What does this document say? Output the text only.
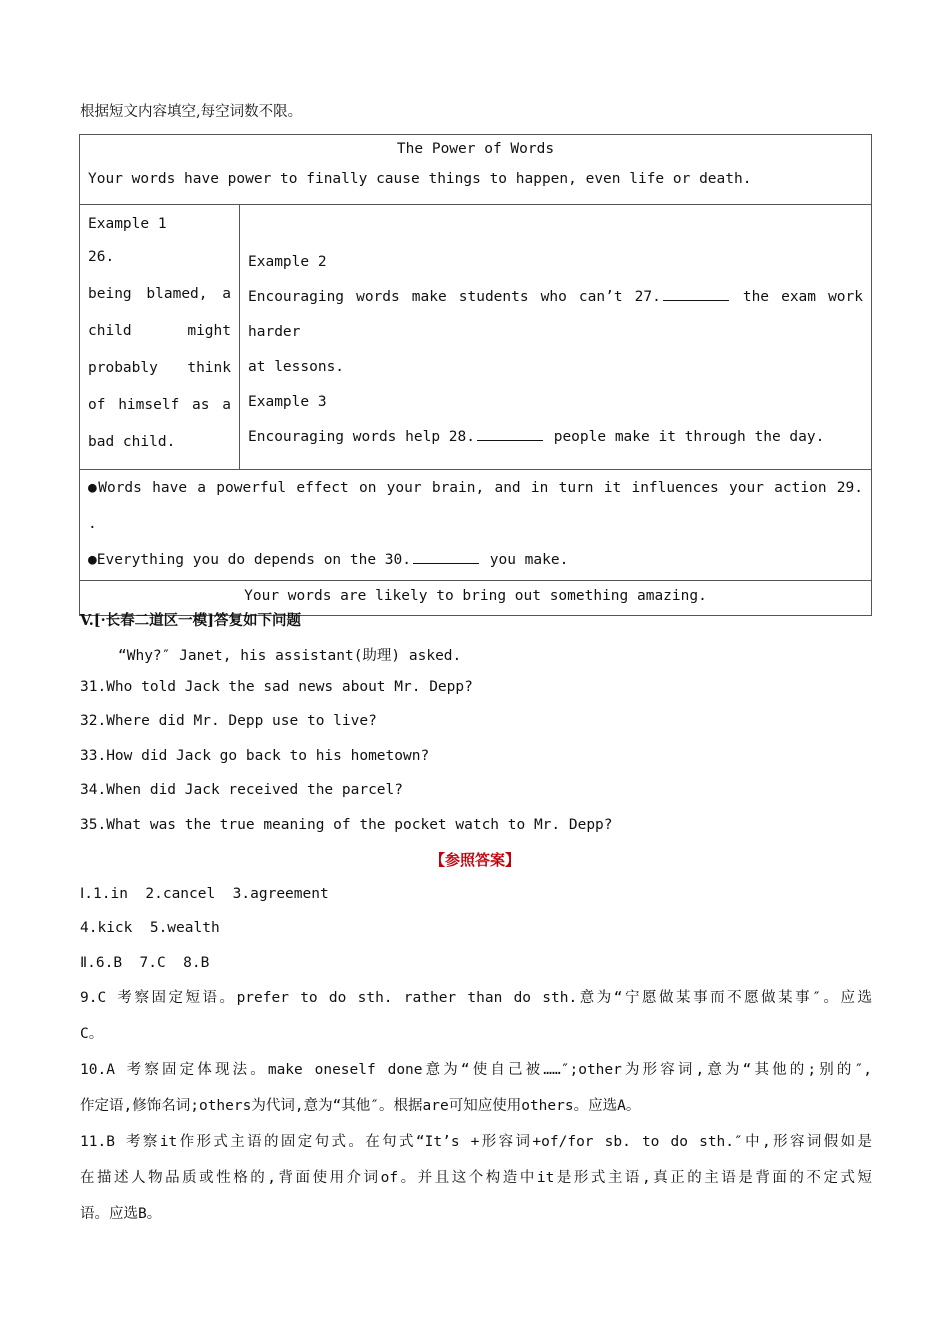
根据短文内容填空,每空词数不限。
The Power of Words
Your words have power to finally cause things to happen, even life or death.

Example 1

26.

being blamed, a

child might

probably think

of himself as a

bad child.

Example 2

Encouraging words make students who can’t 27.	the exam work harder

at lessons.

Example 3

Encouraging words help 28.	people make it through the day.

●Words have a powerful effect on your brain, and in turn it influences your action 29.
.
●Everything you do depends on the 30.	you make.

Your words are likely to bring out something amazing.
V.[·长春二道区一模]答复如下问题
“Why?″ Janet, his assistant(助理) asked.
31.Who told Jack the sad news about Mr. Depp?
32.Where did Mr. Depp use to live?
33.How did Jack go back to his hometown?
34.When did Jack received the parcel?
35.What was the true meaning of the pocket watch to Mr. Depp?
【参照答案】
Ⅰ.1.in  2.cancel  3.agreement
4.kick  5.wealth
Ⅱ.6.B  7.C  8.B
9.C 考察固定短语。prefer to do sth. rather than do sth.意为“宁愿做某事而不愿做某事″。应选
C。
10.A 考察固定体现法。make oneself done意为“使自己被……″;other为形容词,意为“其他的;别的″,
作定语,修饰名词;others为代词,意为“其他″。根据are可知应使用others。应选A。
11.B 考察it作形式主语的固定句式。在句式“It’s +形容词+of/for sb. to do sth.″中,形容词假如是
在描述人物品质或性格的,背面使用介词of。并且这个构造中it是形式主语,真正的主语是背面的不定式短
语。应选B。
